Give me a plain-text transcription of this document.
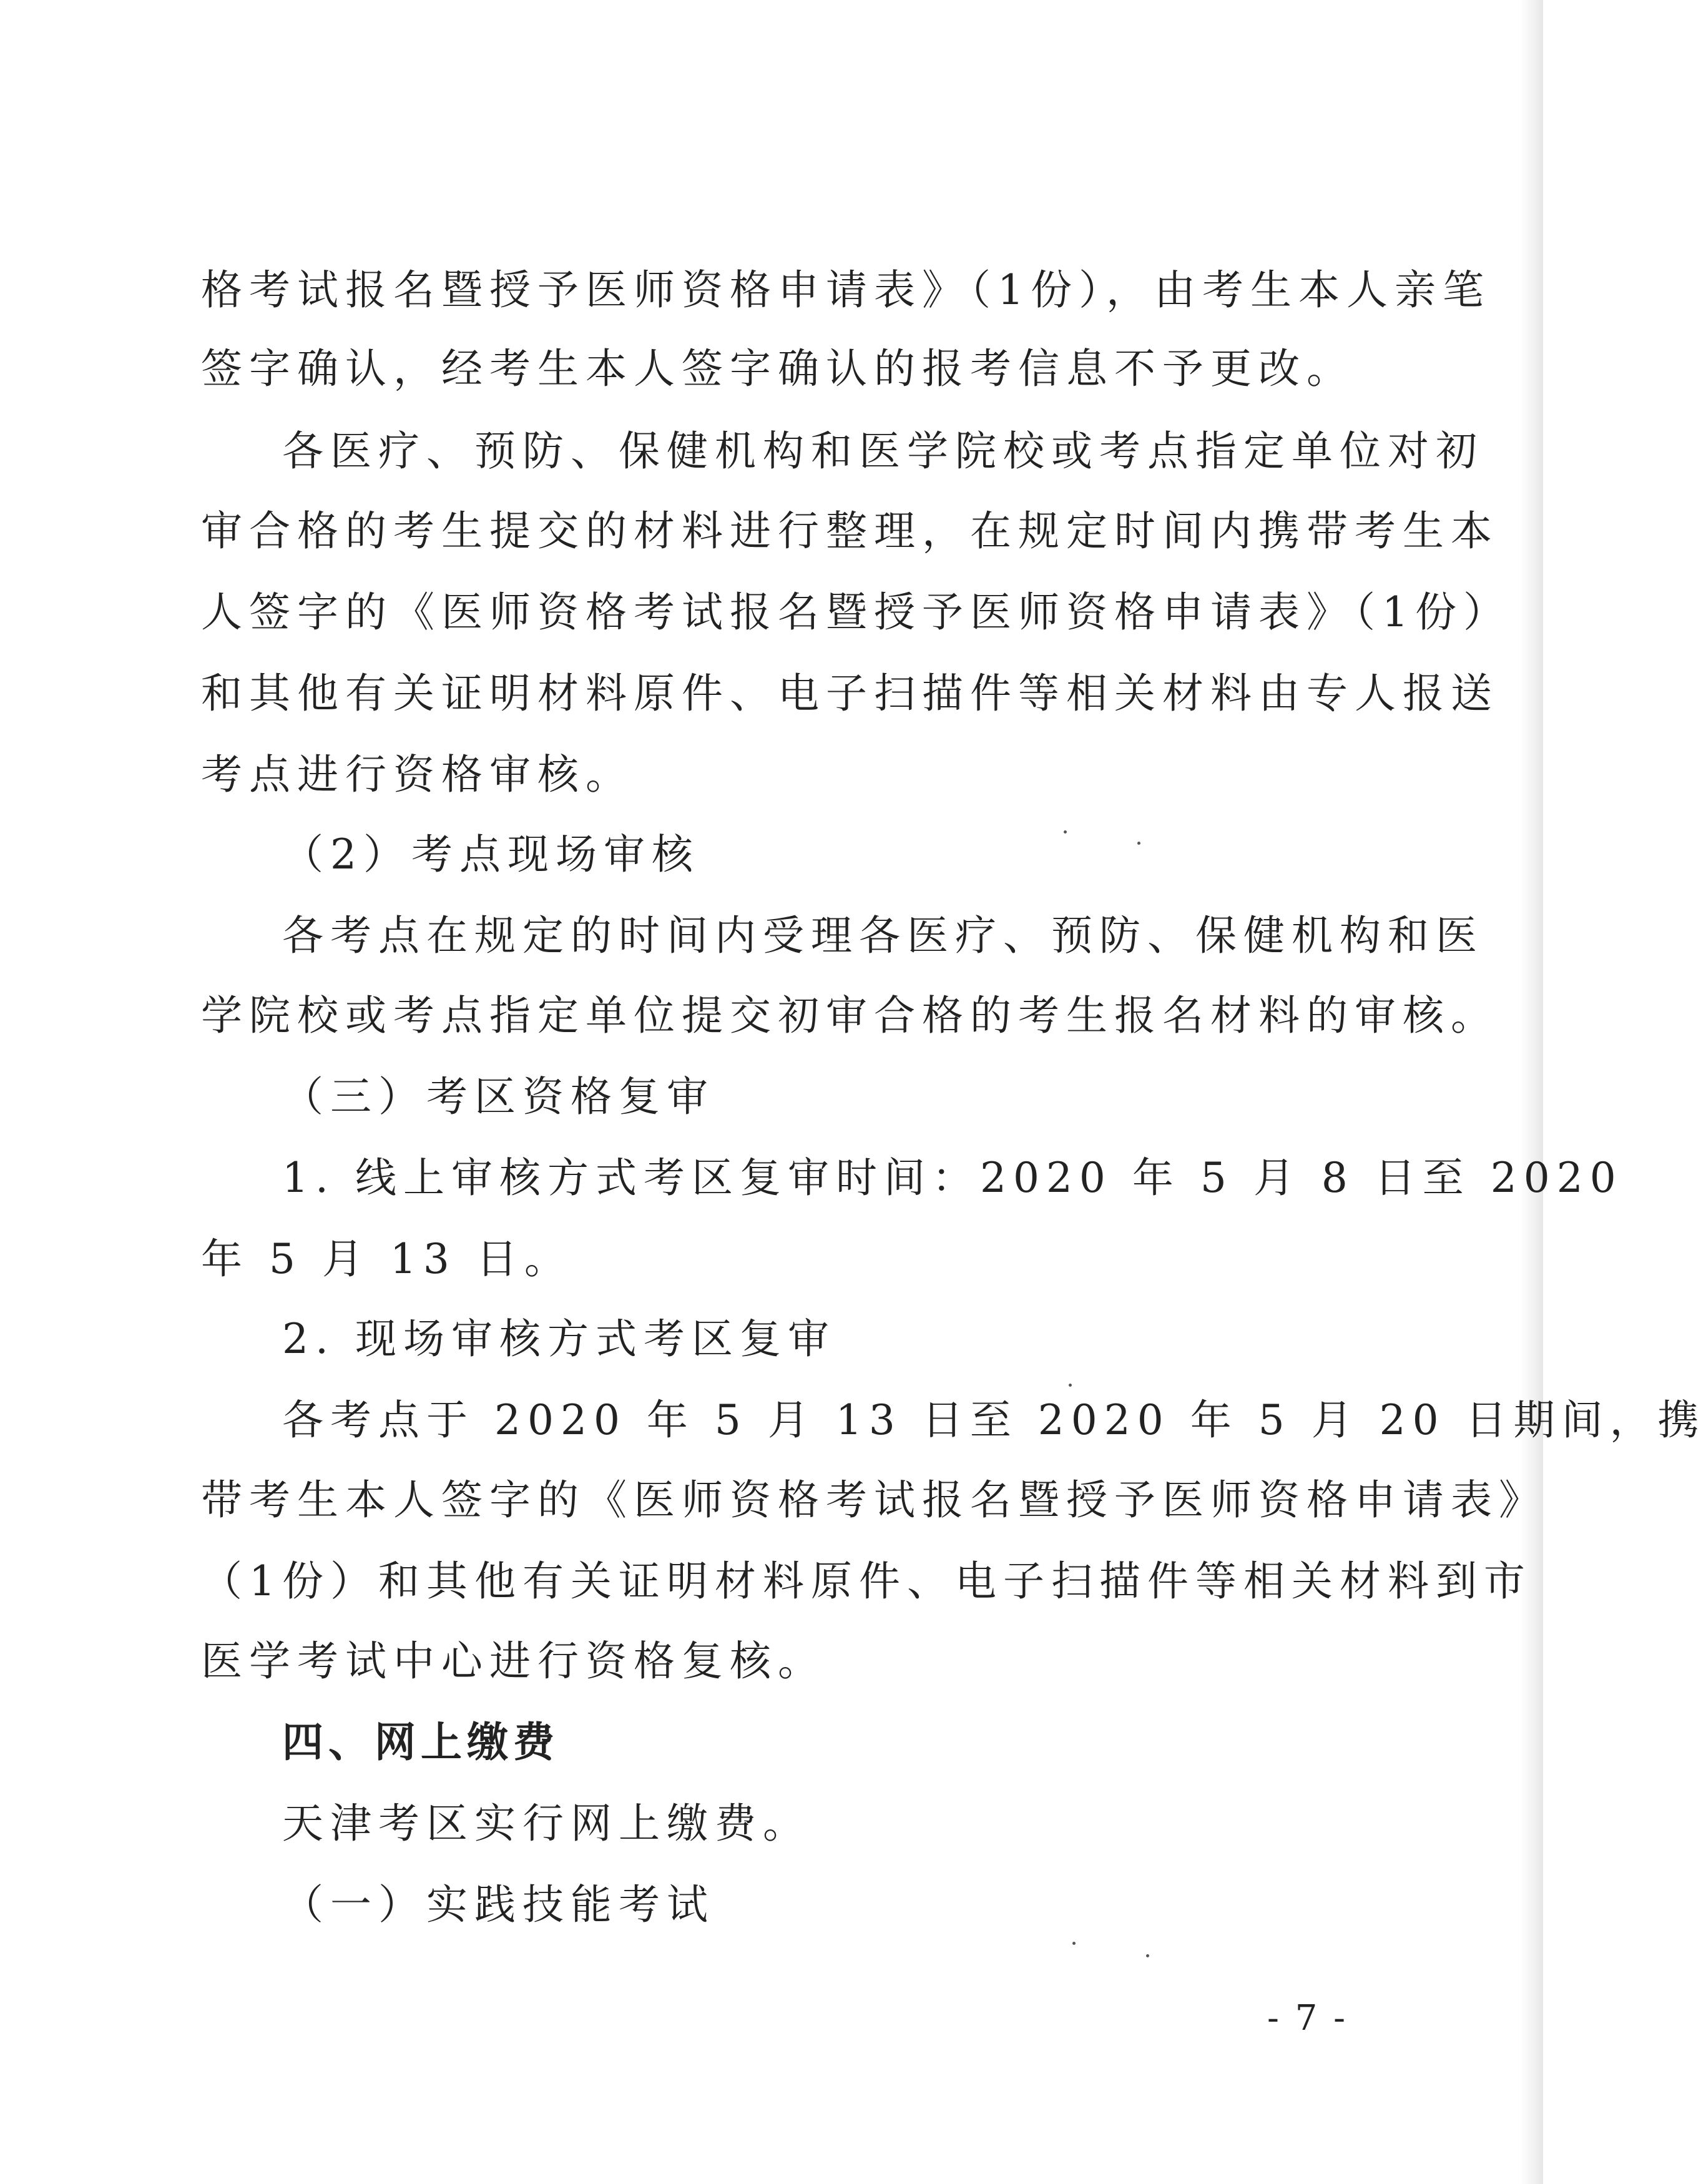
格考试报名暨授予医师资格申请表》（1份），由考生本人亲笔
签字确认，经考生本人签字确认的报考信息不予更改。
各医疗、预防、保健机构和医学院校或考点指定单位对初
审合格的考生提交的材料进行整理，在规定时间内携带考生本
人签字的《医师资格考试报名暨授予医师资格申请表》（1份）
和其他有关证明材料原件、电子扫描件等相关材料由专人报送
考点进行资格审核。
（2）考点现场审核
各考点在规定的时间内受理各医疗、预防、保健机构和医
学院校或考点指定单位提交初审合格的考生报名材料的审核。
（三）考区资格复审
1. 线上审核方式考区复审时间：2020 年 5 月 8 日至 2020
年 5 月 13 日。
2. 现场审核方式考区复审
各考点于 2020 年 5 月 13 日至 2020 年 5 月 20 日期间，携
带考生本人签字的《医师资格考试报名暨授予医师资格申请表》
（1份）和其他有关证明材料原件、电子扫描件等相关材料到市
医学考试中心进行资格复核。
四、网上缴费
天津考区实行网上缴费。
（一）实践技能考试
- 7 -
